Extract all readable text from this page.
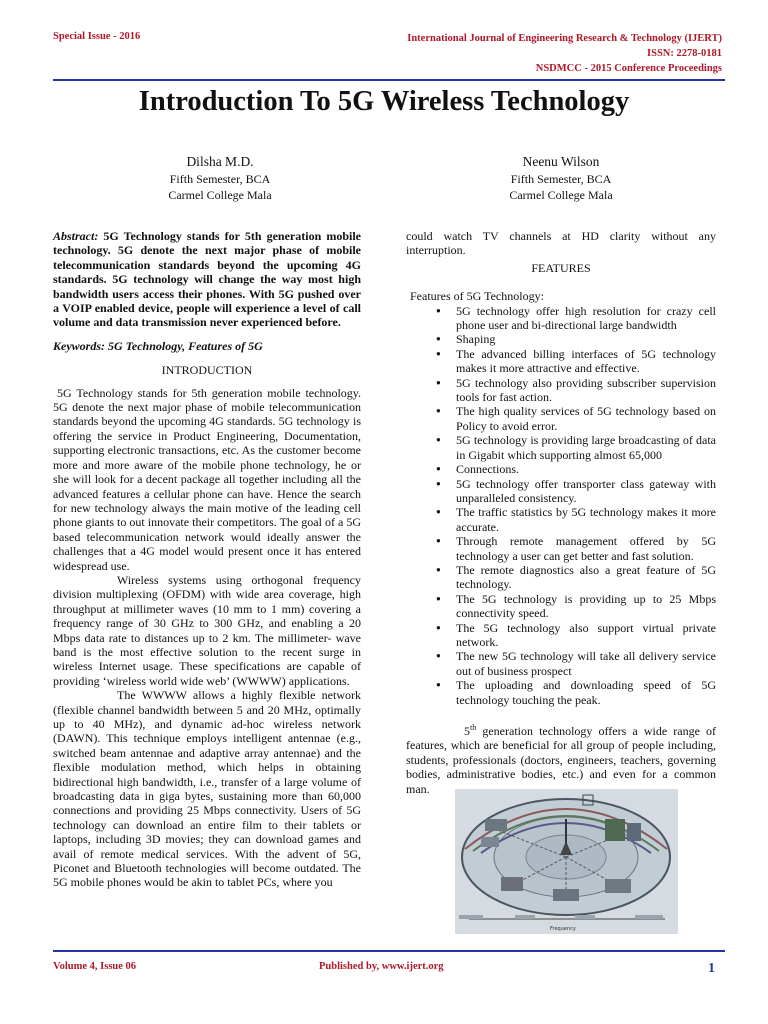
Special Issue - 2016	International Journal of Engineering Research & Technology (IJERT)
ISSN: 2278-0181
NSDMCC - 2015 Conference Proceedings
Introduction To 5G Wireless Technology
Dilsha M.D.
Fifth Semester, BCA
Carmel College Mala
Neenu Wilson
Fifth Semester, BCA
Carmel College Mala

Abstract: 5G Technology stands for 5th generation mobile technology. 5G denote the next major phase of mobile telecommunication standards beyond the upcoming 4G standards. 5G technology will change the way most high bandwidth users access their phones. With 5G pushed over a VOIP enabled device, people will experience a level of call volume and data transmission never experienced before.

Keywords: 5G Technology, Features of 5G

INTRODUCTION

5G Technology stands for 5th generation mobile technology. 5G denote the next major phase of mobile telecommunication standards beyond the upcoming 4G standards. 5G technology is offering the service in Product Engineering, Documentation, supporting electronic transactions, etc. As the customer become more and more aware of the mobile phone technology, he or she will look for a decent package all together including all the advanced features a cellular phone can have. Hence the search for new technology always the main motive of the leading cell phone giants to out innovate their competitors. The goal of a 5G based telecommunication network would ideally answer the challenges that a 4G model would present once it has entered widespread use.

Wireless systems using orthogonal frequency division multiplexing (OFDM) with wide area coverage, high throughput at millimeter waves (10 mm to 1 mm) covering a frequency range of 30 GHz to 300 GHz, and enabling a 20 Mbps data rate to distances up to 2 km. The millimeter- wave band is the most effective solution to the recent surge in wireless Internet usage. These specifications are capable of providing ‘wireless world wide web’ (WWWW) applications.

The WWWW allows a highly flexible network (flexible channel bandwidth between 5 and 20 MHz, optimally up to 40 MHz), and dynamic ad-hoc wireless network (DAWN). This technique employs intelligent antennae (e.g., switched beam antennae and adaptive array antennae) and the flexible modulation method, which helps in obtaining bidirectional high bandwidth, i.e., transfer of a large volume of broadcasting data in giga bytes, sustaining more than 60,000 connections and providing 25 Mbps connectivity. Users of 5G technology can download an entire film to their tablets or laptops, including 3D movies; they can download games and avail of remote medical services. With the advent of 5G, Piconet and Bluetooth technologies will become outdated. The 5G mobile phones would be akin to tablet PCs, where you

could watch TV channels at HD clarity without any interruption.

FEATURES

Features of 5G Technology:

● 5G technology offer high resolution for crazy cell phone user and bi-directional large bandwidth
● Shaping
● The advanced billing interfaces of 5G technology makes it more attractive and effective.
● 5G technology also providing subscriber supervision tools for fast action.
● The high quality services of 5G technology based on Policy to avoid error.
● 5G technology is providing large broadcasting of data in Gigabit which supporting almost 65,000
● Connections.
● 5G technology offer transporter class gateway with unparalleled consistency.
● The traffic statistics by 5G technology makes it more accurate.
● Through remote management offered by 5G technology a user can get better and fast solution.
● The remote diagnostics also a great feature of 5G technology.
● The 5G technology is providing up to 25 Mbps connectivity speed.
● The 5G technology also support virtual private network.
● The new 5G technology will take all delivery service out of business prospect
● The uploading and downloading speed of 5G technology touching the peak.

5th generation technology offers a wide range of features, which are beneficial for all group of people including, students, professionals (doctors, engineers, teachers, governing bodies, administrative bodies, etc.) and even for a common man.

Frequency
Volume 4, Issue 06	Published by, www.ijert.org	1
